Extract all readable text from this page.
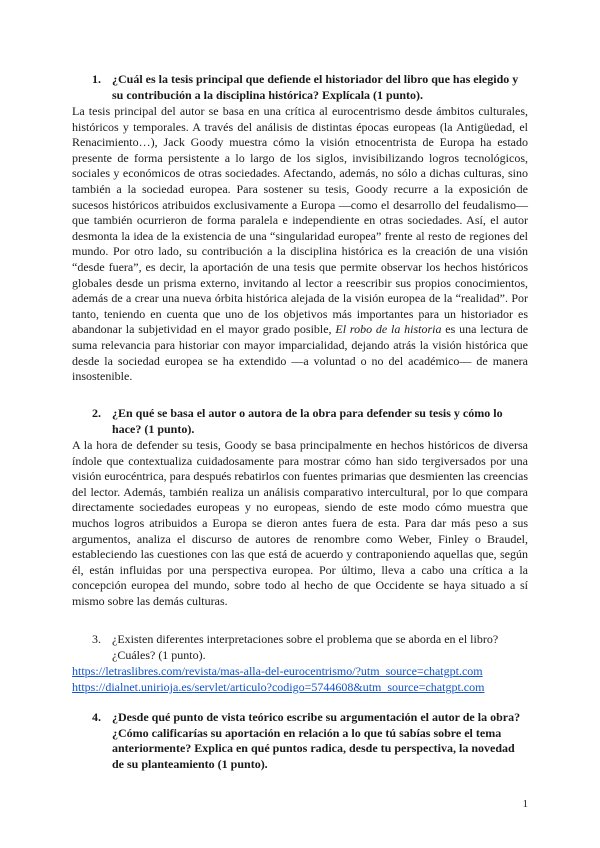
1. ¿Cuál es la tesis principal que defiende el historiador del libro que has elegido y su contribución a la disciplina histórica? Explícala (1 punto).

La tesis principal del autor se basa en una crítica al eurocentrismo desde ámbitos culturales, históricos y temporales. A través del análisis de distintas épocas europeas (la Antigüedad, el Renacimiento…), Jack Goody muestra cómo la visión etnocentrista de Europa ha estado presente de forma persistente a lo largo de los siglos, invisibilizando logros tecnológicos, sociales y económicos de otras sociedades. Afectando, además, no sólo a dichas culturas, sino también a la sociedad europea. Para sostener su tesis, Goody recurre a la exposición de sucesos históricos atribuidos exclusivamente a Europa —como el desarrollo del feudalismo— que también ocurrieron de forma paralela e independiente en otras sociedades. Así, el autor desmonta la idea de la existencia de una “singularidad europea” frente al resto de regiones del mundo. Por otro lado, su contribución a la disciplina histórica es la creación de una visión “desde fuera”, es decir, la aportación de una tesis que permite observar los hechos históricos globales desde un prisma externo, invitando al lector a reescribir sus propios conocimientos, además de a crear una nueva órbita histórica alejada de la visión europea de la “realidad”. Por tanto, teniendo en cuenta que uno de los objetivos más importantes para un historiador es abandonar la subjetividad en el mayor grado posible, El robo de la historia es una lectura de suma relevancia para historiar con mayor imparcialidad, dejando atrás la visión histórica que desde la sociedad europea se ha extendido —a voluntad o no del académico— de manera insostenible.

2. ¿En qué se basa el autor o autora de la obra para defender su tesis y cómo lo hace? (1 punto).

A la hora de defender su tesis, Goody se basa principalmente en hechos históricos de diversa índole que contextualiza cuidadosamente para mostrar cómo han sido tergiversados por una visión eurocéntrica, para después rebatirlos con fuentes primarias que desmienten las creencias del lector. Además, también realiza un análisis comparativo intercultural, por lo que compara directamente sociedades europeas y no europeas, siendo de este modo cómo muestra que muchos logros atribuidos a Europa se dieron antes fuera de esta. Para dar más peso a sus argumentos, analiza el discurso de autores de renombre como Weber, Finley o Braudel, estableciendo las cuestiones con las que está de acuerdo y contraponiendo aquellas que, según él, están influidas por una perspectiva europea. Por último, lleva a cabo una crítica a la concepción europea del mundo, sobre todo al hecho de que Occidente se haya situado a sí mismo sobre las demás culturas.

3. ¿Existen diferentes interpretaciones sobre el problema que se aborda en el libro? ¿Cuáles? (1 punto).
https://letraslibres.com/revista/mas-alla-del-eurocentrismo/?utm_source=chatgpt.com
https://dialnet.unirioja.es/servlet/articulo?codigo=5744608&utm_source=chatgpt.com
4. ¿Desde qué punto de vista teórico escribe su argumentación el autor de la obra? ¿Cómo calificarías su aportación en relación a lo que tú sabías sobre el tema anteriormente? Explica en qué puntos radica, desde tu perspectiva, la novedad de su planteamiento (1 punto).
1
